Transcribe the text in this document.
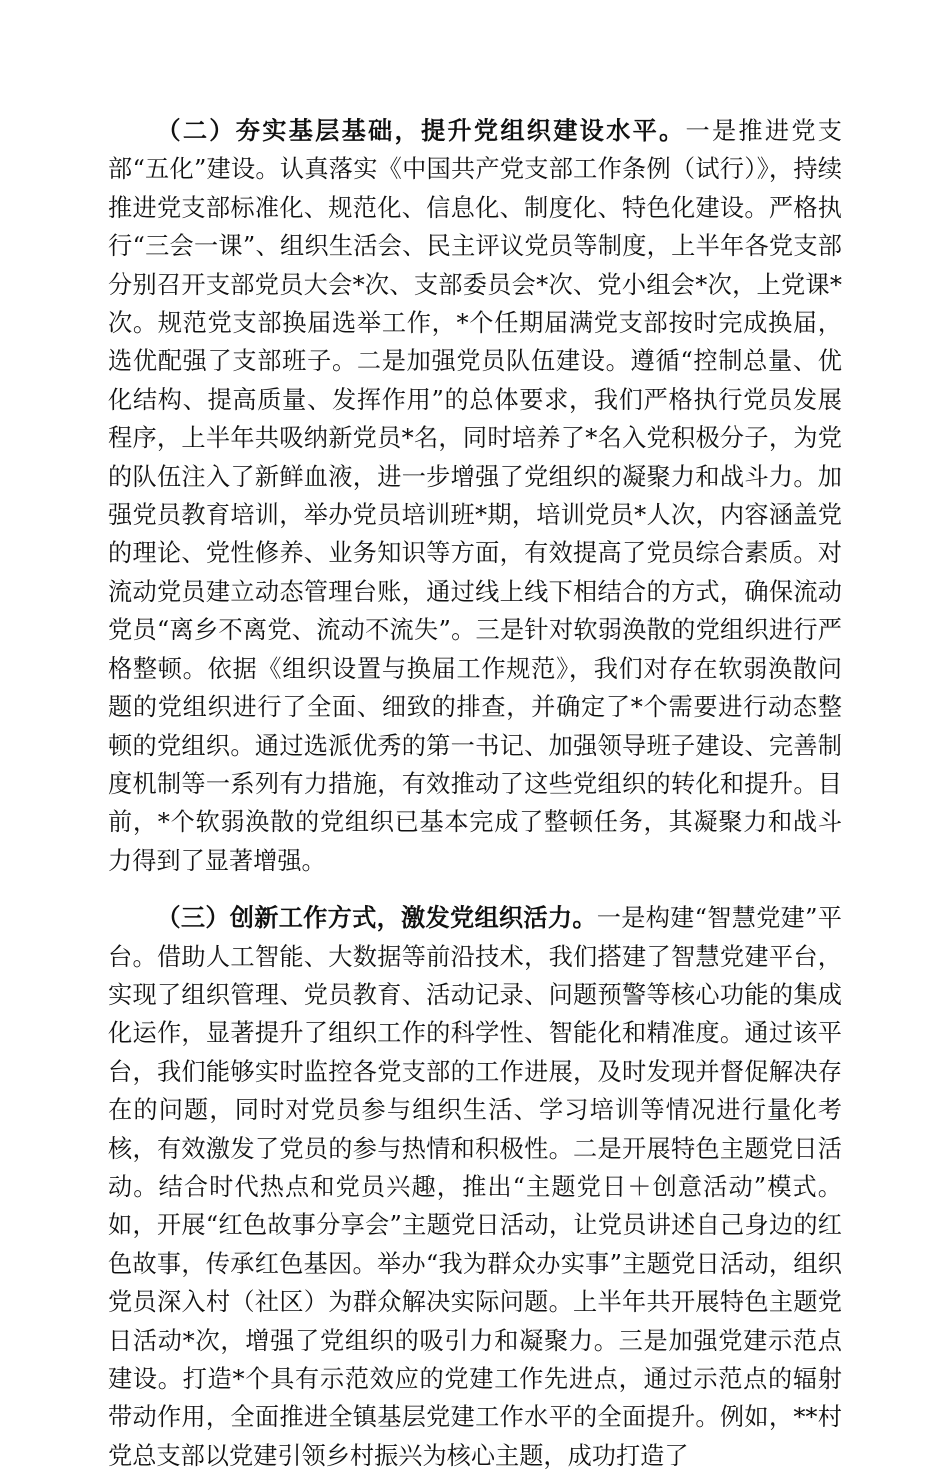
（二）夯实基层基础，提升党组织建设水平。一是推进党支部“五化”建设。认真落实《中国共产党支部工作条例（试行）》，持续推进党支部标准化、规范化、信息化、制度化、特色化建设。严格执行“三会一课”、组织生活会、民主评议党员等制度，上半年各党支部分别召开支部党员大会*次、支部委员会*次、党小组会*次，上党课*次。规范党支部换届选举工作，*个任期届满党支部按时完成换届，选优配强了支部班子。二是加强党员队伍建设。遵循“控制总量、优化结构、提高质量、发挥作用”的总体要求，我们严格执行党员发展程序，上半年共吸纳新党员*名，同时培养了*名入党积极分子，为党的队伍注入了新鲜血液，进一步增强了党组织的凝聚力和战斗力。加强党员教育培训，举办党员培训班*期，培训党员*人次，内容涵盖党的理论、党性修养、业务知识等方面，有效提高了党员综合素质。对流动党员建立动态管理台账，通过线上线下相结合的方式，确保流动党员“离乡不离党、流动不流失”。三是针对软弱涣散的党组织进行严格整顿。依据《组织设置与换届工作规范》，我们对存在软弱涣散问题的党组织进行了全面、细致的排查，并确定了*个需要进行动态整顿的党组织。通过选派优秀的第一书记、加强领导班子建设、完善制度机制等一系列有力措施，有效推动了这些党组织的转化和提升。目前，*个软弱涣散的党组织已基本完成了整顿任务，其凝聚力和战斗力得到了显著增强。

（三）创新工作方式，激发党组织活力。一是构建“智慧党建”平台。借助人工智能、大数据等前沿技术，我们搭建了智慧党建平台，实现了组织管理、党员教育、活动记录、问题预警等核心功能的集成化运作，显著提升了组织工作的科学性、智能化和精准度。通过该平台，我们能够实时监控各党支部的工作进展，及时发现并督促解决存在的问题，同时对党员参与组织生活、学习培训等情况进行量化考核，有效激发了党员的参与热情和积极性。二是开展特色主题党日活动。结合时代热点和党员兴趣，推出“主题党日＋创意活动”模式。如，开展“红色故事分享会”主题党日活动，让党员讲述自己身边的红色故事，传承红色基因。举办“我为群众办实事”主题党日活动，组织党员深入村（社区）为群众解决实际问题。上半年共开展特色主题党日活动*次，增强了党组织的吸引力和凝聚力。三是加强党建示范点建设。打造*个具有示范效应的党建工作先进点，通过示范点的辐射带动作用，全面推进全镇基层党建工作水平的全面提升。例如，**村党总支部以党建引领乡村振兴为核心主题，成功打造了
